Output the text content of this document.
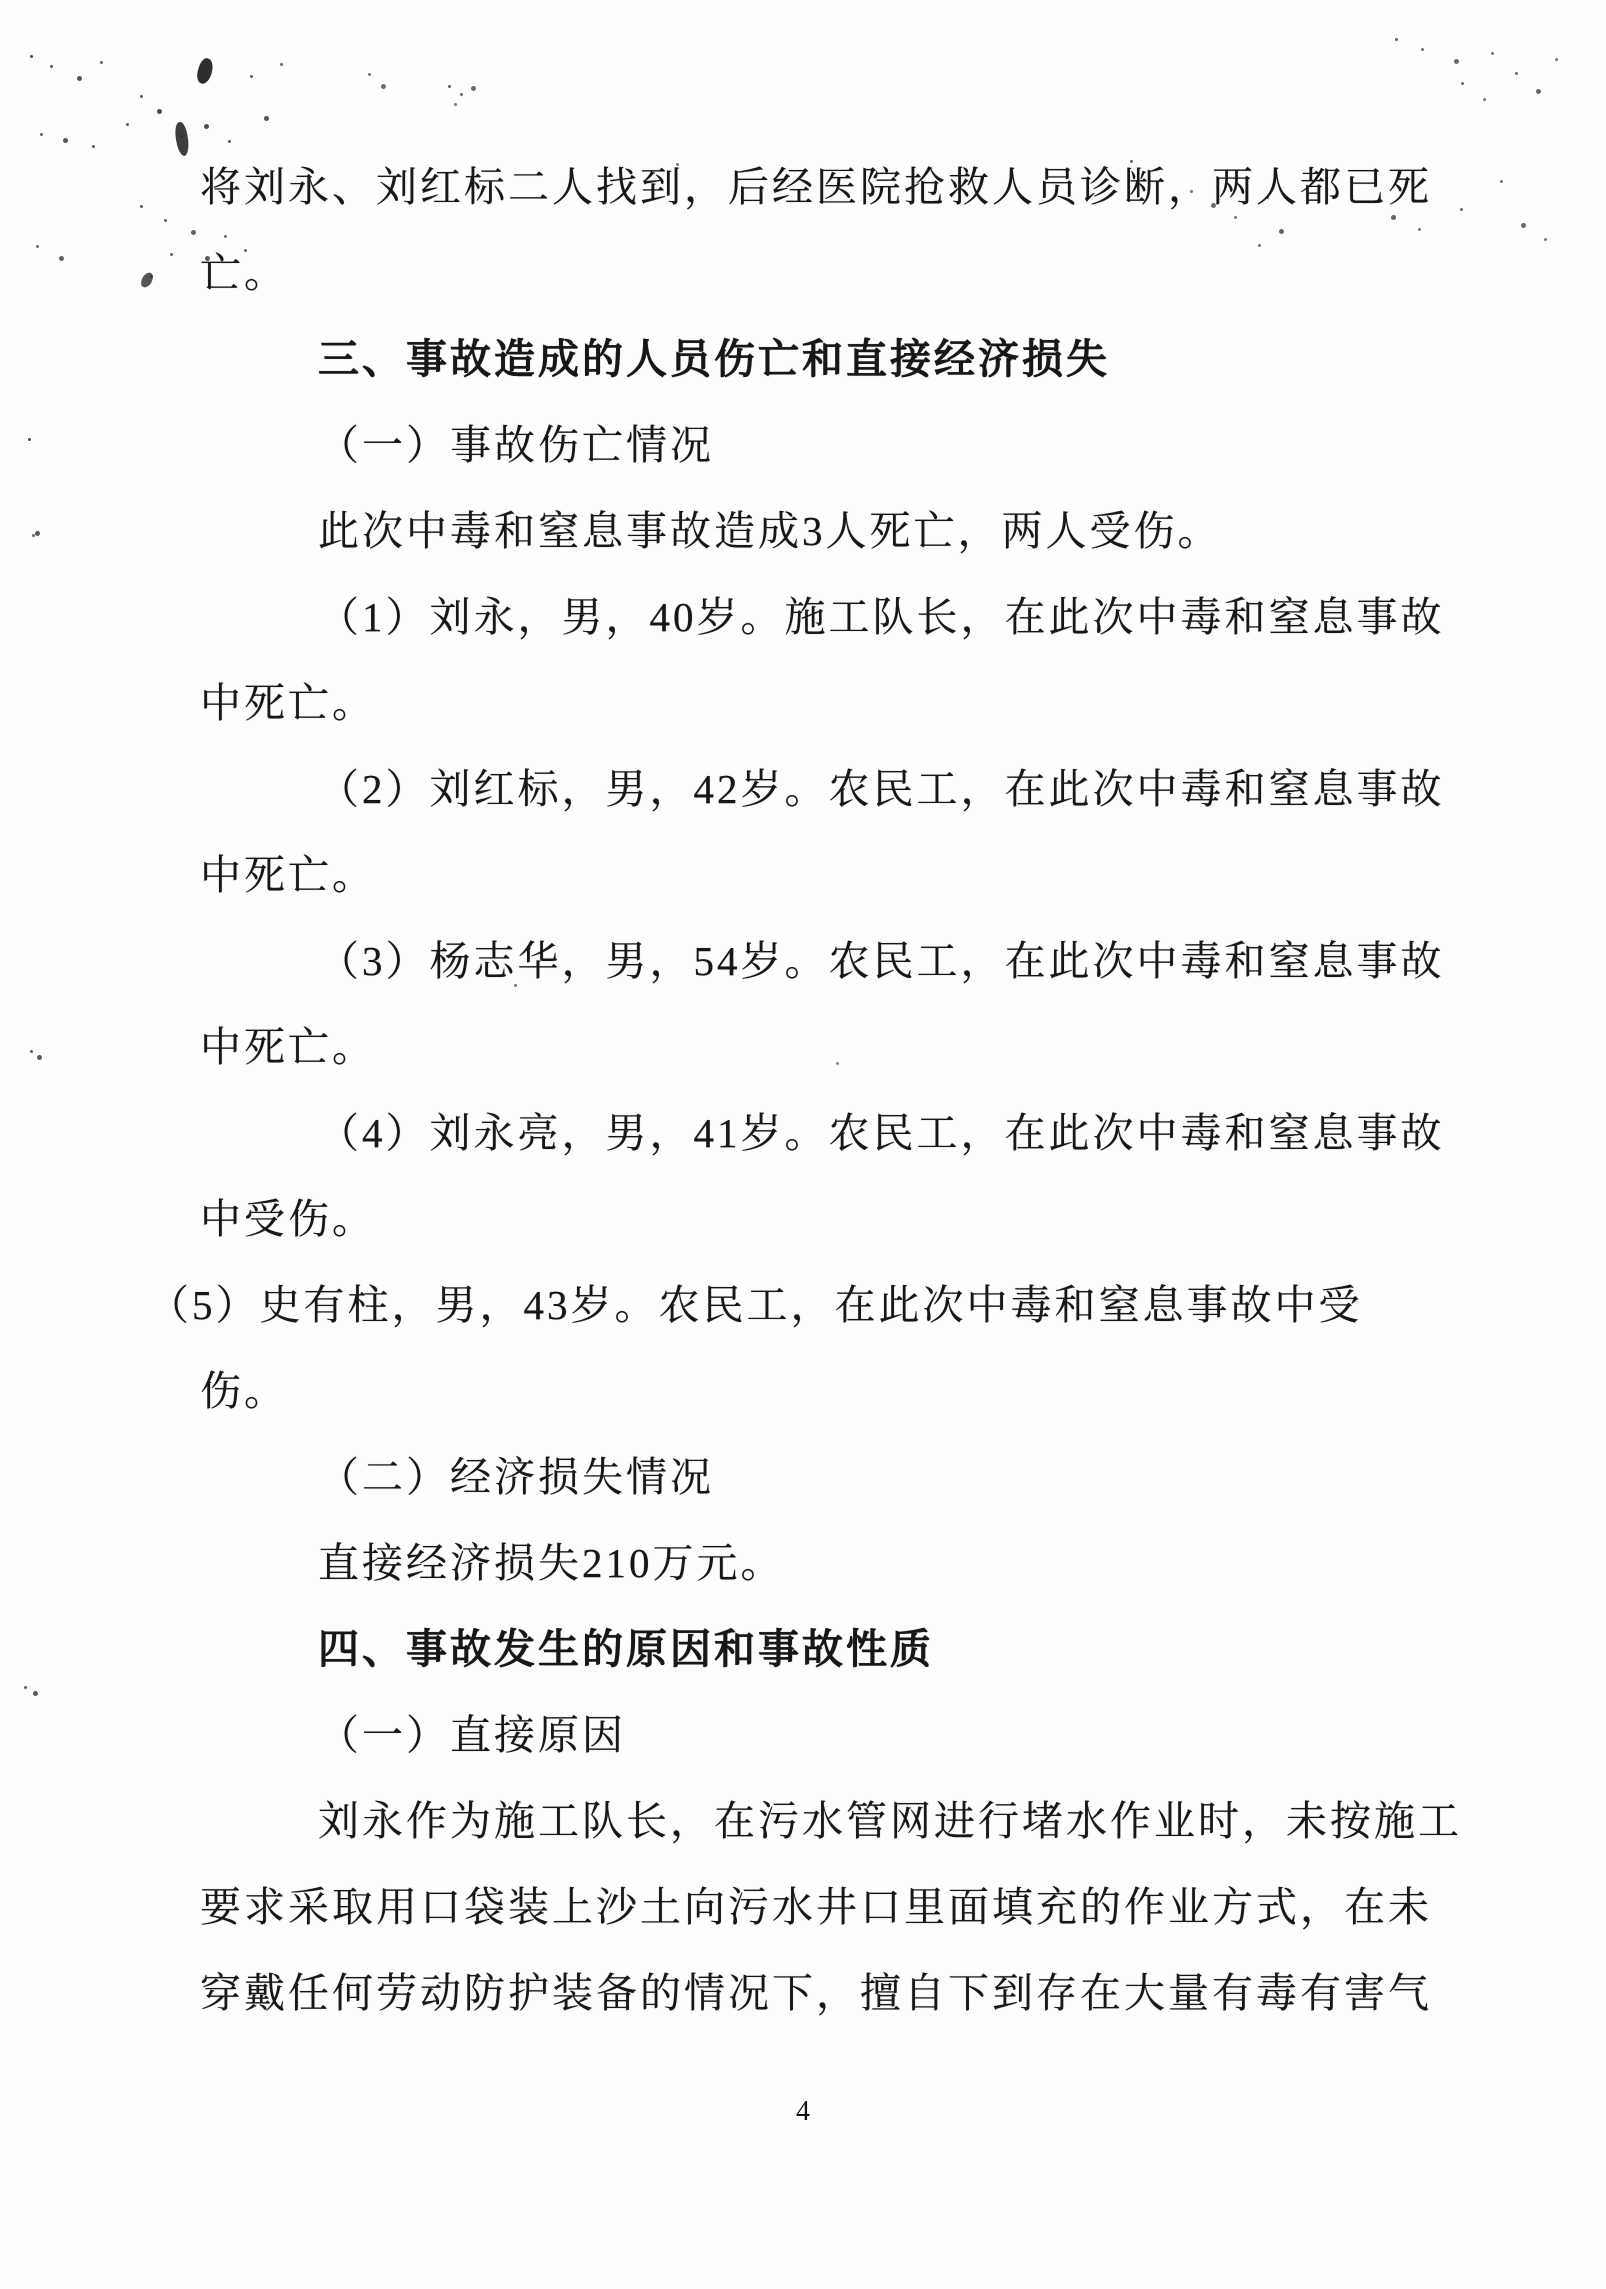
将刘永、刘红标二人找到，后经医院抢救人员诊断，两人都已死
亡。
三、事故造成的人员伤亡和直接经济损失
（一）事故伤亡情况
此次中毒和窒息事故造成3人死亡，两人受伤。
（1）刘永，男，40岁。施工队长，在此次中毒和窒息事故
中死亡。
（2）刘红标，男，42岁。农民工，在此次中毒和窒息事故
中死亡。
（3）杨志华，男，54岁。农民工，在此次中毒和窒息事故
中死亡。
（4）刘永亮，男，41岁。农民工，在此次中毒和窒息事故
中受伤。
（5）史有柱，男，43岁。农民工，在此次中毒和窒息事故中受
伤。
（二）经济损失情况
直接经济损失210万元。
四、事故发生的原因和事故性质
（一）直接原因
刘永作为施工队长，在污水管网进行堵水作业时，未按施工
要求采取用口袋装上沙土向污水井口里面填充的作业方式，在未
穿戴任何劳动防护装备的情况下，擅自下到存在大量有毒有害气
4
